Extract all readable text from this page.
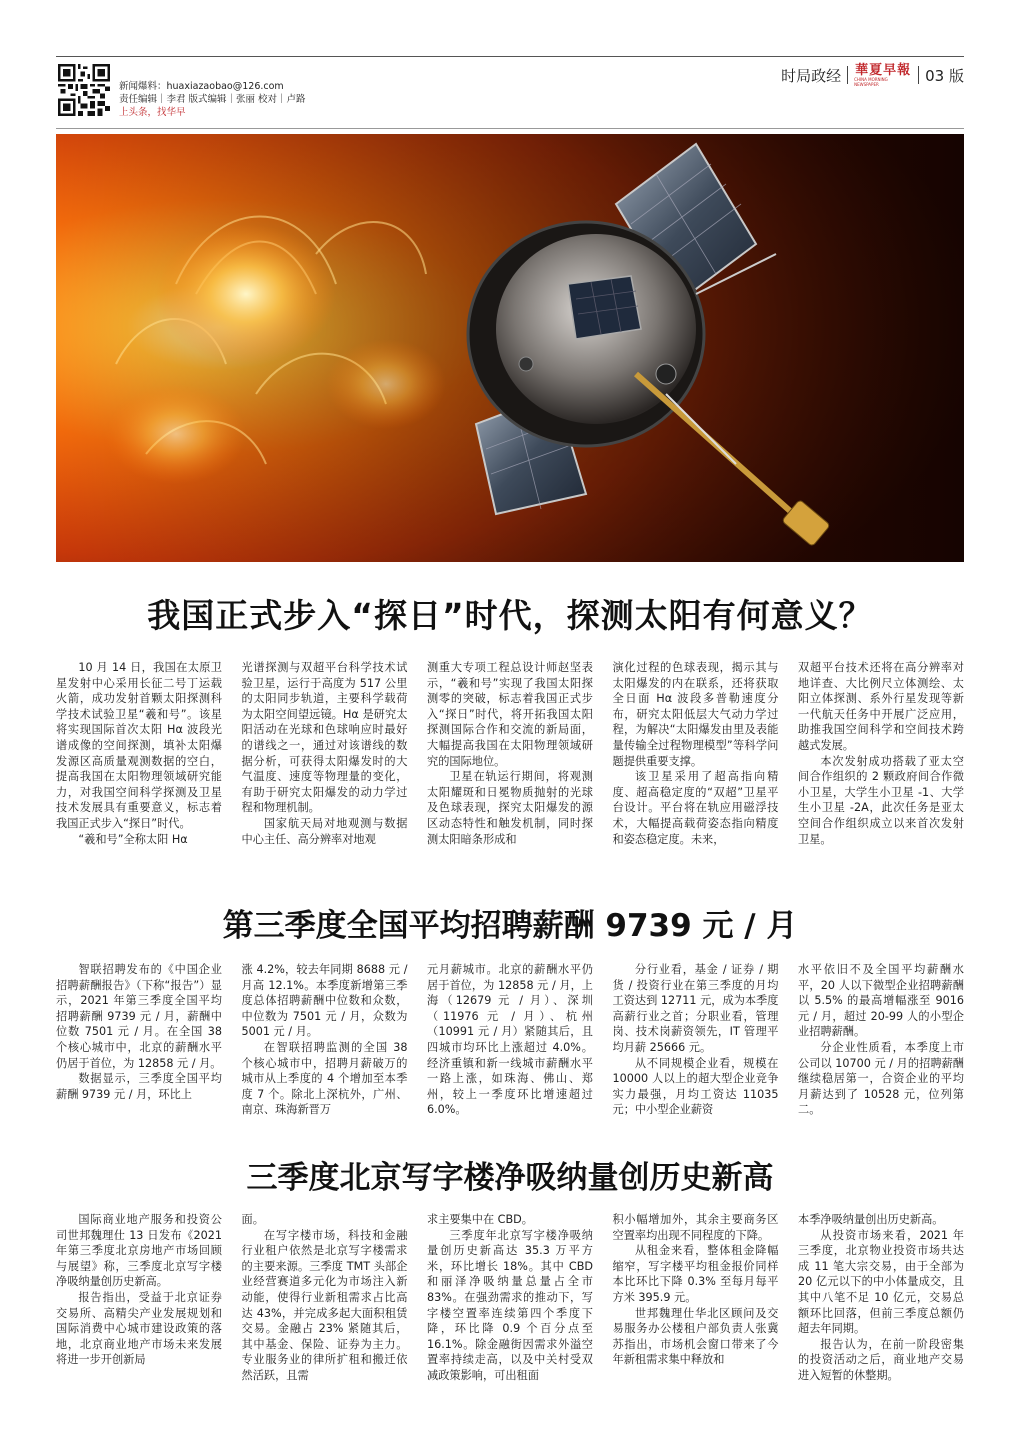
新闻爆料：huaxiazaobao@126.com
责任编辑｜李君 版式编辑｜张丽 校对｜卢路
上头条，找华早
时局政经 華夏早報
CHINA MORNING NEWSPAPER	03 版
我国正式步入“探日”时代，探测太阳有何意义？

10 月 14 日，我国在太原卫星发射中心采用长征二号丁运载火箭，成功发射首颗太阳探测科学技术试验卫星“羲和号”。该星将实现国际首次太阳 Hα 波段光谱成像的空间探测，填补太阳爆发源区高质量观测数据的空白，提高我国在太阳物理领域研究能力，对我国空间科学探测及卫星技术发展具有重要意义，标志着我国正式步入“探日”时代。

“羲和号”全称太阳 Hα

光谱探测与双超平台科学技术试验卫星，运行于高度为 517 公里的太阳同步轨道，主要科学载荷为太阳空间望远镜。Hα 是研究太阳活动在光球和色球响应时最好的谱线之一，通过对该谱线的数据分析，可获得太阳爆发时的大气温度、速度等物理量的变化，有助于研究太阳爆发的动力学过程和物理机制。

国家航天局对地观测与数据中心主任、高分辨率对地观

测重大专项工程总设计师赵坚表示，“羲和号”实现了我国太阳探测零的突破，标志着我国正式步入“探日”时代，将开拓我国太阳探测国际合作和交流的新局面，大幅提高我国在太阳物理领域研究的国际地位。

卫星在轨运行期间，将观测太阳耀斑和日冕物质抛射的光球及色球表现，探究太阳爆发的源区动态特性和触发机制，同时探测太阳暗条形成和

演化过程的色球表现，揭示其与太阳爆发的内在联系，还将获取全日面 Hα 波段多普勒速度分布，研究太阳低层大气动力学过程，为解决“太阳爆发由里及表能量传输全过程物理模型”等科学问题提供重要支撑。

该卫星采用了超高指向精度、超高稳定度的“双超”卫星平台设计。平台将在轨应用磁浮技术，大幅提高载荷姿态指向精度和姿态稳定度。未来，

双超平台技术还将在高分辨率对地详查、大比例尺立体测绘、太阳立体探测、系外行星发现等新一代航天任务中开展广泛应用，助推我国空间科学和空间技术跨越式发展。

本次发射成功搭载了亚太空间合作组织的 2 颗政府间合作微小卫星，大学生小卫星 -1、大学生小卫星 -2A，此次任务是亚太空间合作组织成立以来首次发射卫星。

第三季度全国平均招聘薪酬 9739 元 / 月

智联招聘发布的《中国企业招聘薪酬报告》（下称“报告”）显示，2021 年第三季度全国平均招聘薪酬 9739 元 / 月，薪酬中位数 7501 元 / 月。在全国 38 个核心城市中，北京的薪酬水平仍居于首位，为 12858 元 / 月。

数据显示，三季度全国平均薪酬 9739 元 / 月，环比上

涨 4.2%，较去年同期 8688 元 / 月高 12.1%。本季度新增第三季度总体招聘薪酬中位数和众数，中位数为 7501 元 / 月，众数为 5001 元 / 月。

在智联招聘监测的全国 38 个核心城市中，招聘月薪破万的城市从上季度的 4 个增加至本季度 7 个。除北上深杭外，广州、南京、珠海新晋万

元月薪城市。北京的薪酬水平仍居于首位，为 12858 元 / 月，上海（12679 元 / 月）、深圳（11976 元 / 月）、杭州（10991 元 / 月）紧随其后，且四城市均环比上涨超过 4.0%。经济重镇和新一线城市薪酬水平一路上涨，如珠海、佛山、郑州，较上一季度环比增速超过 6.0%。

分行业看，基金 / 证券 / 期货 / 投资行业在第三季度的月均工资达到 12711 元，成为本季度高薪行业之首；分职业看，管理岗、技术岗薪资领先，IT 管理平均月薪 25666 元。

从不同规模企业看，规模在 10000 人以上的超大型企业竞争实力最强，月均工资达 11035 元；中小型企业薪资

水平依旧不及全国平均薪酬水平，20 人以下微型企业招聘薪酬以 5.5% 的最高增幅涨至 9016 元 / 月，超过 20-99 人的小型企业招聘薪酬。

分企业性质看，本季度上市公司以 10700 元 / 月的招聘薪酬继续稳居第一，合资企业的平均月薪达到了 10528 元，位列第二。

三季度北京写字楼净吸纳量创历史新高

国际商业地产服务和投资公司世邦魏理仕 13 日发布《2021 年第三季度北京房地产市场回顾与展望》称，三季度北京写字楼净吸纳量创历史新高。

报告指出，受益于北京证券交易所、高精尖产业发展规划和国际消费中心城市建设政策的落地，北京商业地产市场未来发展将进一步开创新局

面。

在写字楼市场，科技和金融行业租户依然是北京写字楼需求的主要来源。三季度 TMT 头部企业经营赛道多元化为市场注入新动能，使得行业新租需求占比高达 43%，并完成多起大面积租赁交易。金融占 23% 紧随其后，其中基金、保险、证券为主力。专业服务业的律所扩租和搬迁依然活跃，且需

求主要集中在 CBD。

三季度年北京写字楼净吸纳量创历史新高达 35.3 万平方米，环比增长 18%。其中 CBD 和丽泽净吸纳量总量占全市 83%。在强劲需求的推动下，写字楼空置率连续第四个季度下降，环比降 0.9 个百分点至 16.1%。除金融街因需求外溢空置率持续走高，以及中关村受双减政策影响，可出租面

积小幅增加外，其余主要商务区空置率均出现不同程度的下降。

从租金来看，整体租金降幅缩窄，写字楼平均租金报价同样本比环比下降 0.3% 至每月每平方米 395.9 元。

世邦魏理仕华北区顾问及交易服务办公楼租户部负责人张冀苏指出，市场机会窗口带来了今年新租需求集中释放和

本季净吸纳量创出历史新高。

从投资市场来看，2021 年三季度，北京物业投资市场共达成 11 笔大宗交易，由于全部为 20 亿元以下的中小体量成交，且其中八笔不足 10 亿元，交易总额环比回落，但前三季度总额仍超去年同期。

报告认为，在前一阶段密集的投资活动之后，商业地产交易进入短暂的休整期。
